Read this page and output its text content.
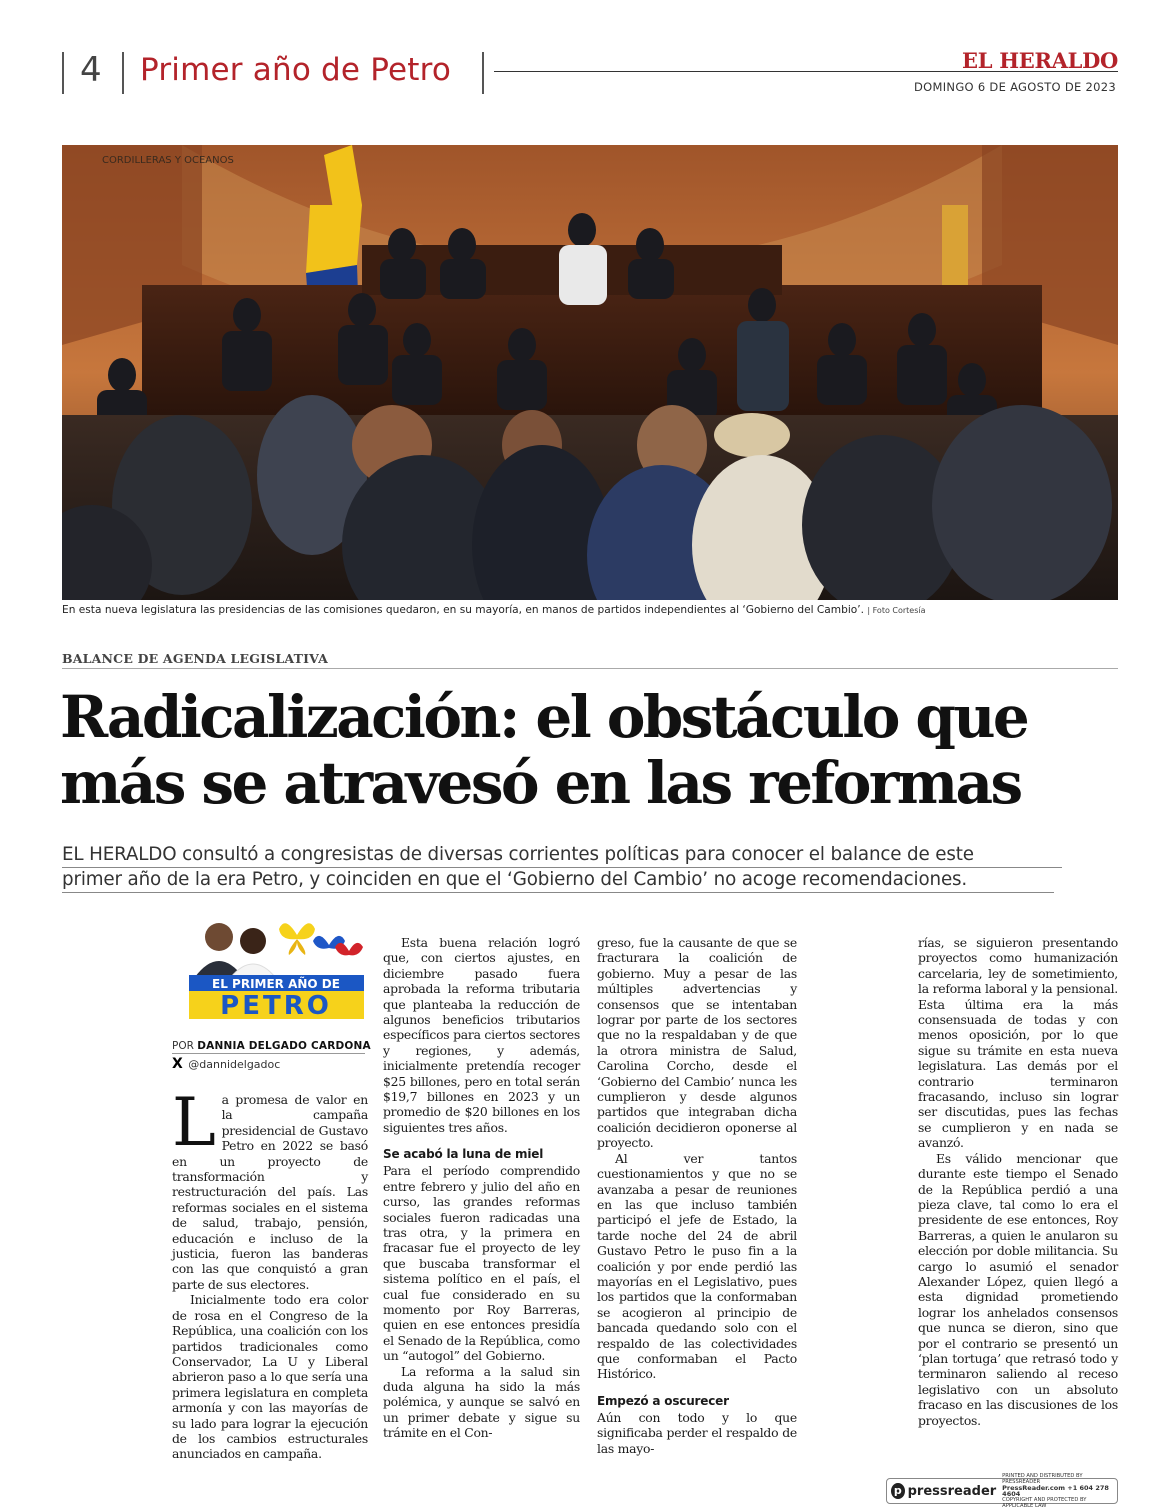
4 Primer año de Petro	EL HERALDO
DOMINGO 6 DE AGOSTO DE 2023
CORDILLERAS Y OCEANOS
En esta nueva legislatura las presidencias de las comisiones quedaron, en su mayoría, en manos de partidos independientes al ‘Gobierno del Cambio’. | Foto Cortesía
BALANCE DE AGENDA LEGISLATIVA
Radicalización: el obstáculo que
más se atravesó en las reformas
EL HERALDO consultó a congresistas de diversas corrientes políticas para conocer el balance de este
primer año de la era Petro, y coinciden en que el ‘Gobierno del Cambio’ no acoge recomendaciones.
EL PRIMER AÑO DE
PETRO
POR DANNIA DELGADO CARDONA
X @dannidelgadoc

La promesa de valor en la campaña presidencial de Gustavo Petro en 2022 se basó en un proyecto de transformación y restructuración del país. Las reformas sociales en el sistema de salud, trabajo, pensión, educación e incluso de la justicia, fueron las banderas con las que conquistó a gran parte de sus electores.

Inicialmente todo era color de rosa en el Congreso de la República, una coalición con los partidos tradicionales como Conservador, La U y Liberal abrieron paso a lo que sería una primera legislatura en completa armonía y con las mayorías de su lado para lograr la ejecución de los cambios estructurales anunciados en campaña.

Esta buena relación logró que, con ciertos ajustes, en diciembre pasado fuera aprobada la reforma tributaria que planteaba la reducción de algunos beneficios tributarios específicos para ciertos sectores y regiones, y además, inicialmente pretendía recoger $25 billones, pero en total serán $19,7 billones en 2023 y un promedio de $20 billones en los siguientes tres años.

Se acabó la luna de miel

Para el período comprendido entre febrero y julio del año en curso, las grandes reformas sociales fueron radicadas una tras otra, y la primera en fracasar fue el proyecto de ley que buscaba transformar el sistema político en el país, el cual fue considerado en su momento por Roy Barreras, quien en ese entonces presidía el Senado de la República, como un “autogol” del Gobierno.

La reforma a la salud sin duda alguna ha sido la más polémica, y aunque se salvó en un primer debate y sigue su trámite en el Con-

greso, fue la causante de que se fracturara la coalición de gobierno. Muy a pesar de las múltiples advertencias y consensos que se intentaban lograr por parte de los sectores que no la respaldaban y de que la otrora ministra de Salud, Carolina Corcho, desde el ‘Gobierno del Cambio’ nunca les cumplieron y desde algunos partidos que integraban dicha coalición decidieron oponerse al proyecto.

Al ver tantos cuestionamientos y que no se avanzaba a pesar de reuniones en las que incluso también participó el jefe de Estado, la tarde noche del 24 de abril Gustavo Petro le puso fin a la coalición y por ende perdió las mayorías en el Legislativo, pues los partidos que la conformaban se acogieron al principio de bancada quedando solo con el respaldo de las colectividades que conformaban el Pacto Histórico.

Empezó a oscurecer

Aún con todo y lo que significaba perder el respaldo de las mayo-

rías, se siguieron presentando proyectos como humanización carcelaria, ley de sometimiento, la reforma laboral y la pensional. Esta última era la más consensuada de todas y con menos oposición, por lo que sigue su trámite en esta nueva legislatura. Las demás por el contrario terminaron fracasando, incluso sin lograr ser discutidas, pues las fechas se cumplieron y en nada se avanzó.

Es válido mencionar que durante este tiempo el Senado de la República perdió a una pieza clave, tal como lo era el presidente de ese entonces, Roy Barreras, a quien le anularon su elección por doble militancia. Su cargo lo asumió el senador Alexander López, quien llegó a esta dignidad prometiendo lograr los anhelados consensos que nunca se dieron, sino que por el contrario se presentó un ‘plan tortuga’ que retrasó todo y terminaron saliendo al receso legislativo con un absoluto fracaso en las discusiones de los proyectos.

p pressreader
PRINTED AND DISTRIBUTED BY PRESSREADER
PressReader.com +1 604 278 4604
COPYRIGHT AND PROTECTED BY APPLICABLE LAW
